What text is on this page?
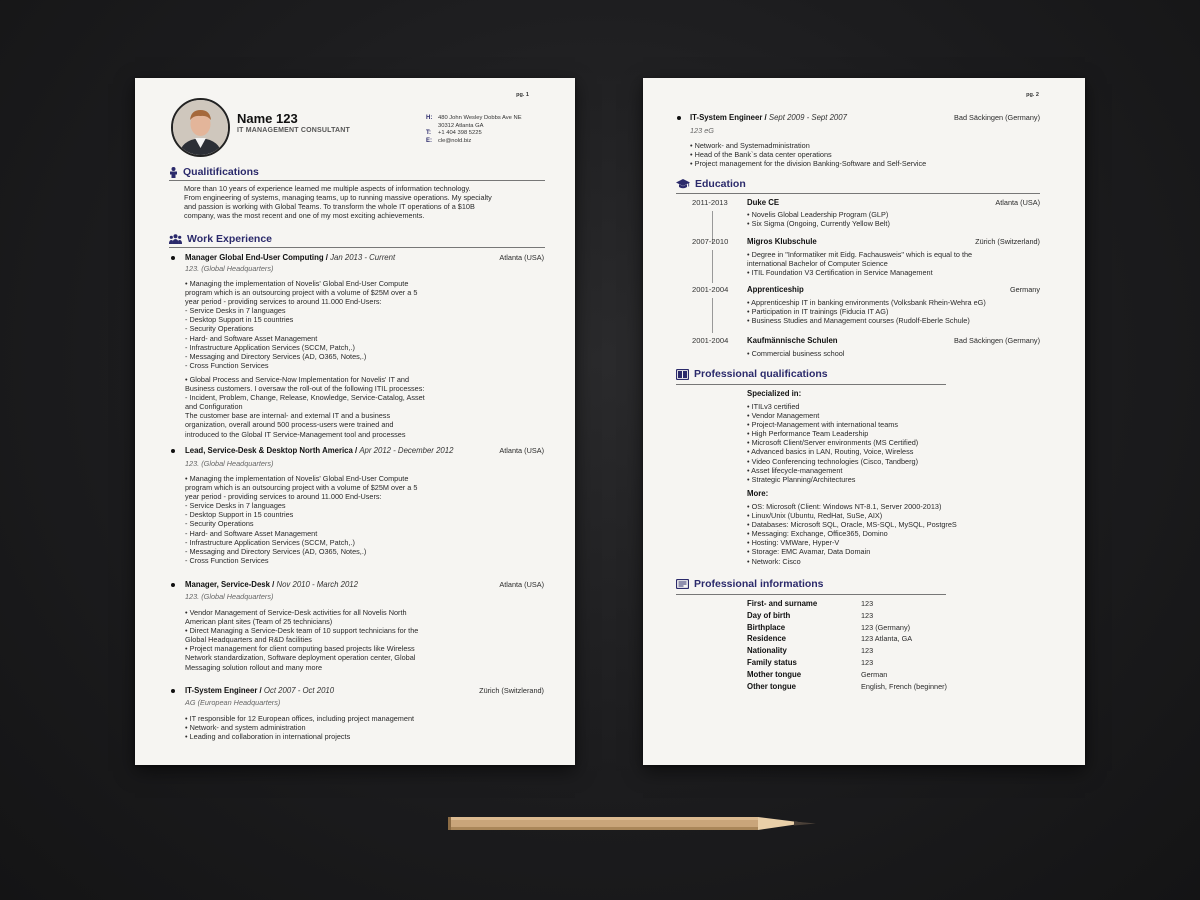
pg. 1
Name 123
IT MANAGEMENT CONSULTANT
H: 480 John Wesley Dobbs Ave NE
30312 Atlanta GA
T:	+1 404 398 5225
E: cle@nold.biz
Qualitifications
More than 10 years of experience learned me multiple aspects of information technology.
From engineering of systems, managing teams, up to running massive operations. My specialty
and passion is working with Global Teams. To transform the whole IT operations of a $10B
company, was the most recent and one of my most exciting achievements.
Work Experience
Manager Global End-User Computing / Jan 2013 - Current	Atlanta (USA)
123. (Global Headquarters)
• Managing the implementation of Novelis' Global End-User Compute
program which is an outsourcing project with a volume of $25M over a 5
year period - providing services to around 11.000 End-Users:
- Service Desks in 7 languages
- Desktop Support in 15 countries
- Security Operations
- Hard- and Software Asset Management
- Infrastructure Application Services (SCCM, Patch,.)
- Messaging and Directory Services (AD, O365, Notes,.)
- Cross Function Services
• Global Process and Service-Now Implementation for Novelis' IT and
Business customers. I oversaw the roll-out of the following ITIL processes:
- Incident, Problem, Change, Release, Knowledge, Service-Catalog, Asset
and Configuration
The customer base are internal- and external IT and a business
organization, overall around 500 process-users were trained and
introduced to the Global IT Service-Management tool and processes
Lead, Service-Desk & Desktop North America / Apr 2012 - December 2012	Atlanta (USA)
123. (Global Headquarters)
• Managing the implementation of Novelis' Global End-User Compute
program which is an outsourcing project with a volume of $25M over a 5
year period - providing services to around 11.000 End-Users:
- Service Desks in 7 languages
- Desktop Support in 15 countries
- Security Operations
- Hard- and Software Asset Management
- Infrastructure Application Services (SCCM, Patch,.)
- Messaging and Directory Services (AD, O365, Notes,.)
- Cross Function Services
Manager, Service-Desk / Nov 2010 - March 2012	Atlanta (USA)
123. (Global Headquarters)
• Vendor Management of Service-Desk activities for all Novelis North
American plant sites (Team of 25 technicians)
• Direct Managing a Service-Desk team of 10 support technicians for the
Global Headquarters and R&D facilities
• Project management for client computing based projects like Wireless
Network standardization, Software deployment operation center, Global
Messaging solution rollout and many more
IT-System Engineer / Oct 2007 - Oct 2010	Zürich (Switzlerand)
AG (European Headquarters)
• IT responsible for 12 European offices, including project management
• Network- and system administration
• Leading and collaboration in international projects
pg. 2
IT-System Engineer / Sept 2009 - Sept 2007	Bad Säckingen (Germany)
123 eG
• Network- and Systemadministration
• Head of the Bank`s data center operations
• Project management for the division Banking-Software and Self-Service
Education
2011-2013 Duke CE	Atlanta (USA)
• Novelis Global Leadership Program (GLP)
• Six Sigma (Ongoing, Currently Yellow Belt)
2007-2010 Migros Klubschule	Zürich (Switzerland)
• Degree in "Informatiker mit Eidg. Fachausweis" which is equal to the
international Bachelor of Computer Science
• ITIL Foundation V3 Certification in Service Management
2001-2004 Apprenticeship	Germany
• Apprenticeship IT in banking environments (Volksbank Rhein-Wehra eG)
• Participation in IT trainings (Fiducia IT AG)
• Business Studies and Management courses (Rudolf-Eberle Schule)
2001-2004 Kaufmännische Schulen	Bad Säckingen (Germany)
• Commercial business school
Professional qualifications
Specialized in:
• ITILv3 certified
• Vendor Management
• Project-Management with international teams
• High Performance Team Leadership
• Microsoft Client/Server environments (MS Certified)
• Advanced basics in LAN, Routing, Voice, Wireless
• Video Conferencing technologies (Cisco, Tandberg)
• Asset lifecycle-management
• Strategic Planning/Architectures
More:
• OS: Microsoft (Client: Windows NT-8.1, Server 2000-2013)
• Linux/Unix (Ubuntu, RedHat, SuSe, AIX)
• Databases: Microsoft SQL, Oracle, MS-SQL, MySQL, PostgreS
• Messaging: Exchange, Office365, Domino
• Hosting: VMWare, Hyper-V
• Storage: EMC Avamar, Data Domain
• Network: Cisco
Professional informations
First- and surname	123
Day of birth	123
Birthplace	123 (Germany)
Residence	123 Atlanta, GA
Nationality	123
Family status	123
Mother tongue	German
Other tongue	English, French (beginner)
